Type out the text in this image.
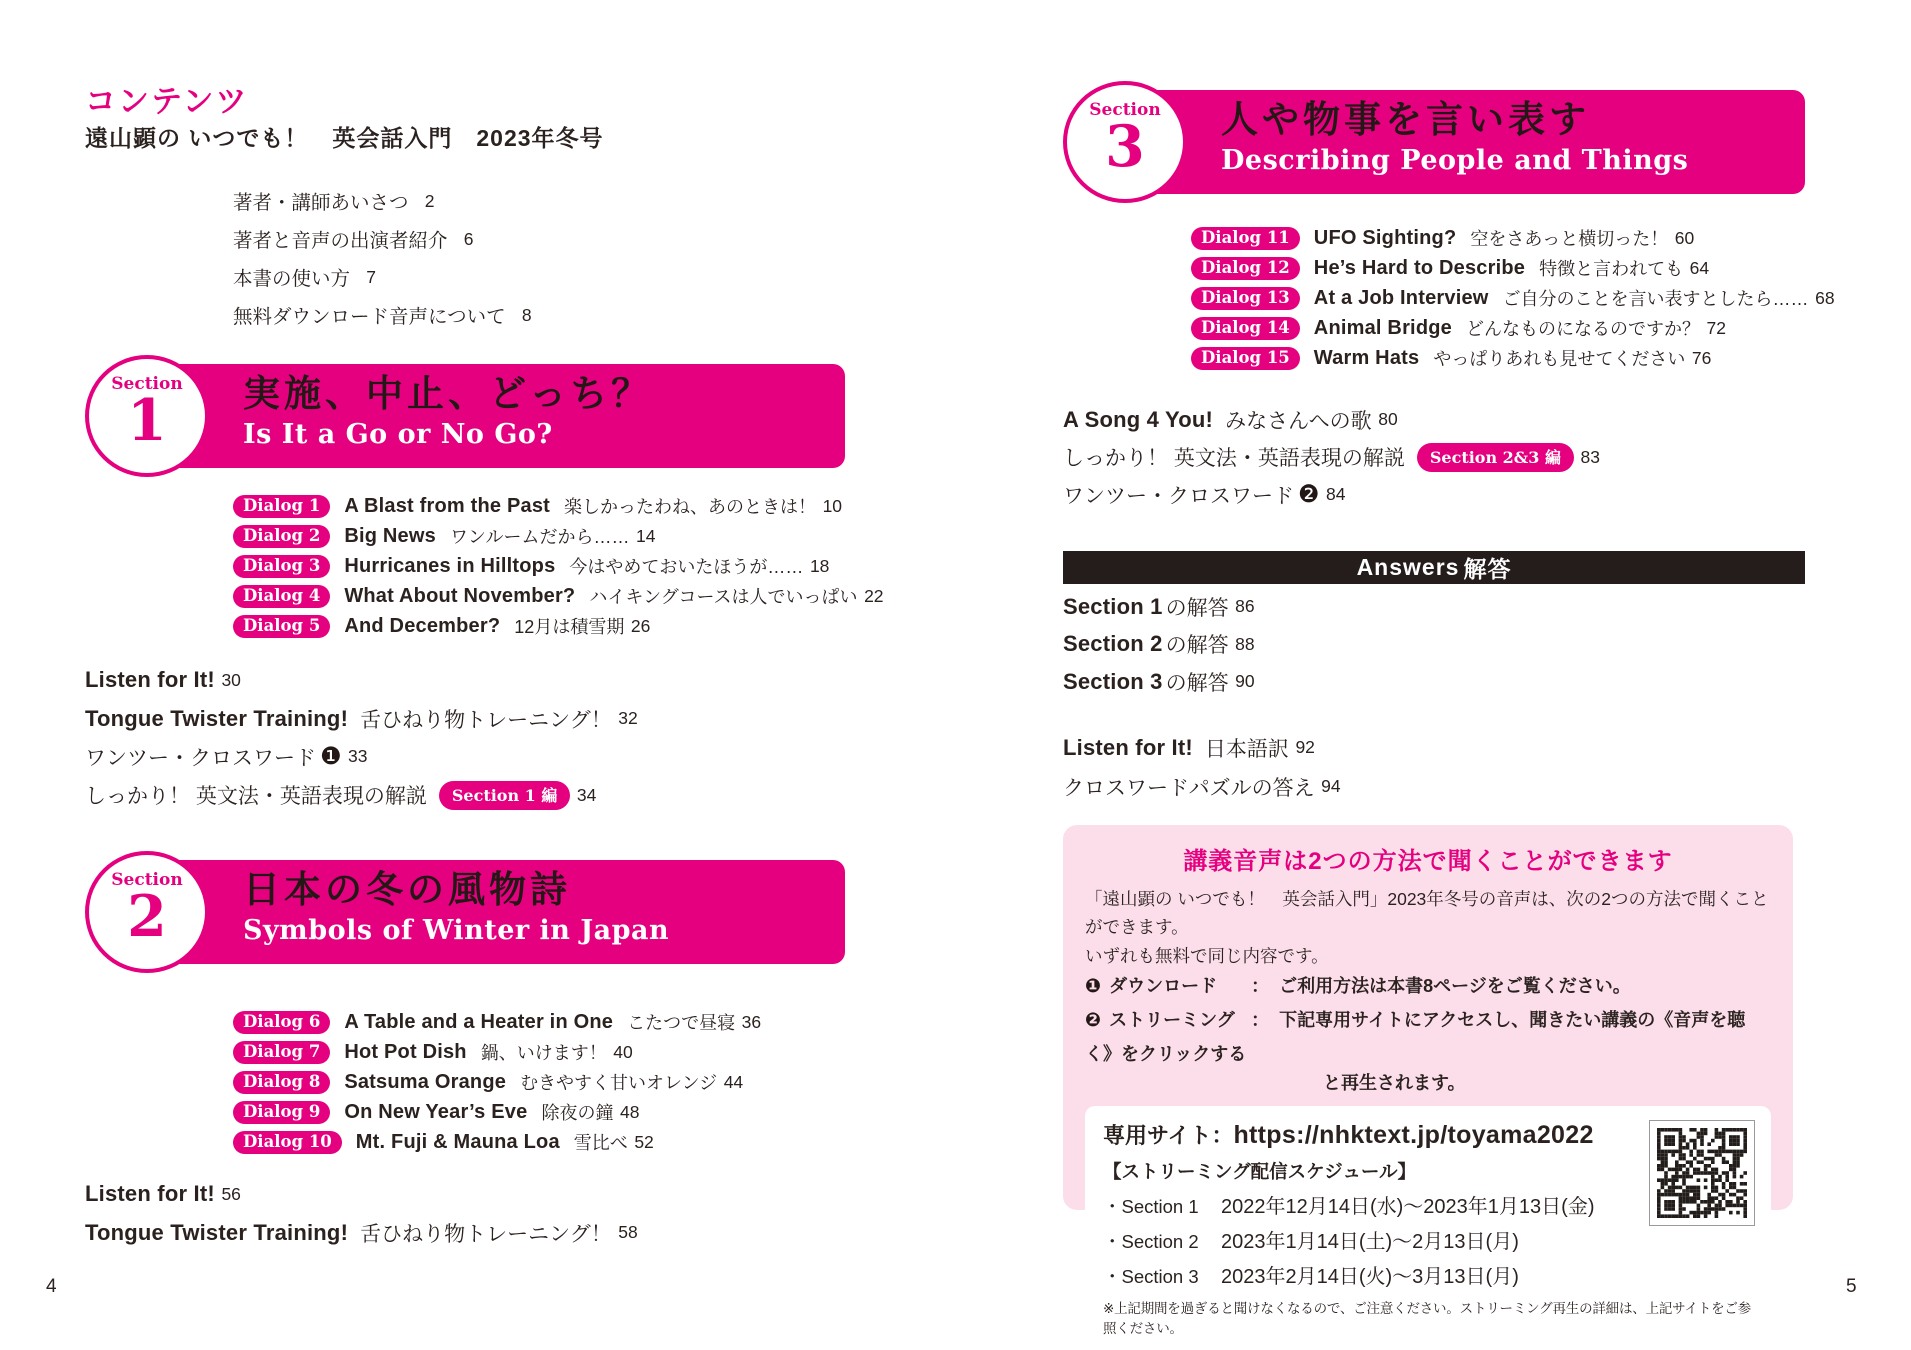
コンテンツ
遠山顕の いつでも！　英会話入門　2023年冬号
著者・講師あいさつ 2
著者と音声の出演者紹介 6
本書の使い方 7
無料ダウンロード音声について 8
Section
1	実施、中止、どっち？
Is It a Go or No Go?
Dialog 1	A Blast from the Past 楽しかったわね、あのときは！ 10
Dialog 2	Big News ワンルームだから…… 14
Dialog 3	Hurricanes in Hilltops 今はやめておいたほうが…… 18
Dialog 4	What About November? ハイキングコースは人でいっぱい 22
Dialog 5	And December? 12月は積雪期 26
Listen for It! 30
Tongue Twister Training! 舌ひねり物トレーニング！ 32
ワンツー・クロスワード ❶ 33
しっかり！ 英文法・英語表現の解説	Section 1 編	34
Section
2	日本の冬の風物詩
Symbols of Winter in Japan
Dialog 6	A Table and a Heater in One こたつで昼寝 36
Dialog 7	Hot Pot Dish 鍋、いけます！ 40
Dialog 8	Satsuma Orange むきやすく甘いオレンジ 44
Dialog 9	On New Year’s Eve 除夜の鐘 48
Dialog 10	Mt. Fuji & Mauna Loa 雪比べ 52
Listen for It! 56
Tongue Twister Training! 舌ひねり物トレーニング！ 58
Section
3	人や物事を言い表す
Describing People and Things
Dialog 11	UFO Sighting? 空をさあっと横切った！ 60
Dialog 12	He’s Hard to Describe 特徴と言われても 64
Dialog 13	At a Job Interview ご自分のことを言い表すとしたら…… 68
Dialog 14	Animal Bridge どんなものになるのですか？ 72
Dialog 15	Warm Hats やっぱりあれも見せてください 76
A Song 4 You! みなさんへの歌 80
しっかり！ 英文法・英語表現の解説	Section 2&3 編	83
ワンツー・クロスワード ❷ 84
Answers 解答
Section 1 の解答 86
Section 2 の解答 88
Section 3 の解答 90
Listen for It! 日本語訳 92
クロスワードパズルの答え 94
講義音声は2つの方法で聞くことができます
「遠山顕の いつでも！　英会話入門」2023年冬号の音声は、次の2つの方法で聞くことができます。
いずれも無料で同じ内容です。
❶ ダウンロード ： ご利用方法は本書8ページをご覧ください。
❷ ストリーミング ： 下記専用サイトにアクセスし、聞きたい講義の《音声を聴く》をクリックする
と再生されます。
専用サイト：https://nhktext.jp/toyama2022
【ストリーミング配信スケジュール】
・Section 1	2022年12月14日(水)～2023年1月13日(金)
・Section 2	2023年1月14日(土)～2月13日(月)
・Section 3	2023年2月14日(火)～3月13日(月)
※上記期間を過ぎると聞けなくなるので、ご注意ください。ストリーミング再生の詳細は、上記サイトをご参照ください。
4	5
